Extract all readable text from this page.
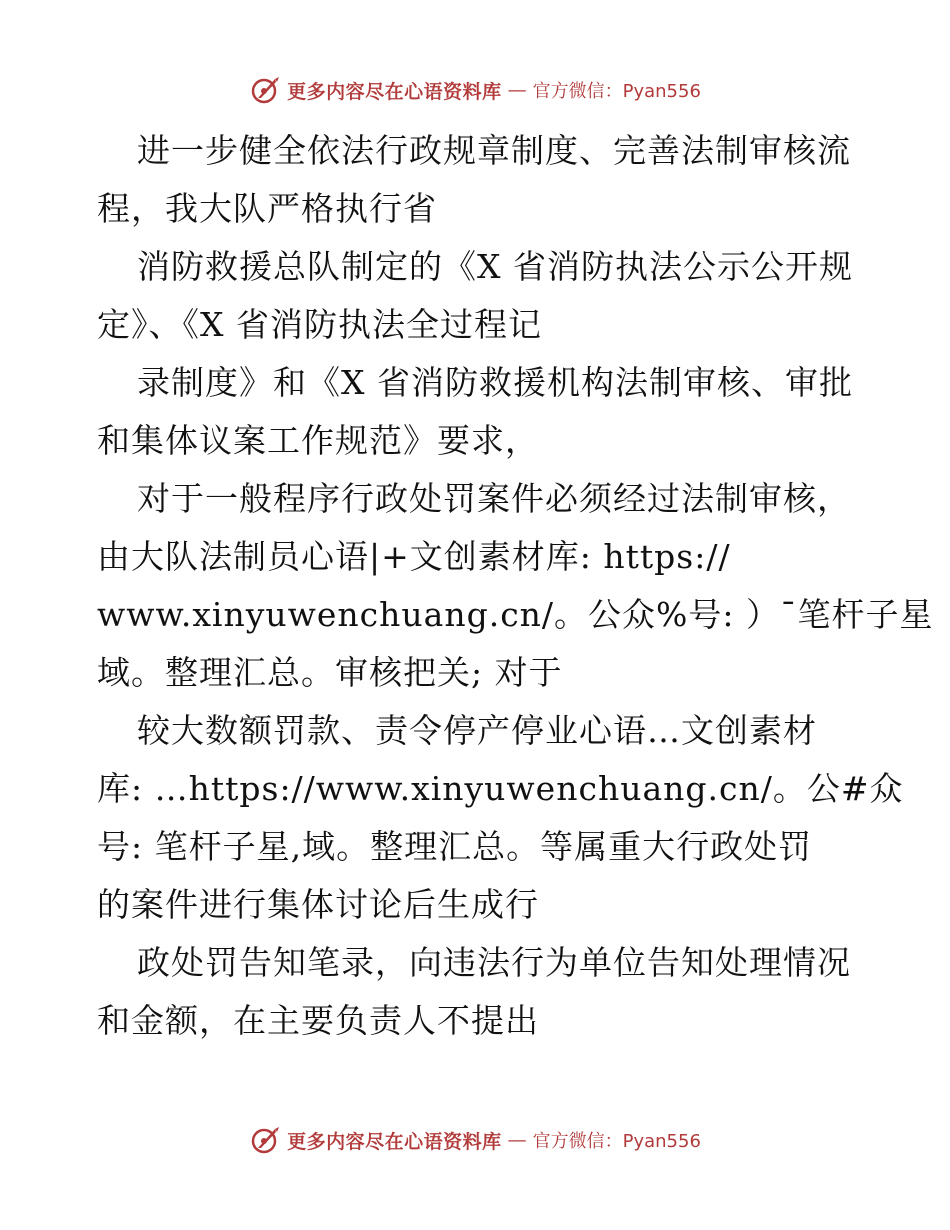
更多内容尽在心语资料库 — 官方微信：Pyan556
进一步健全依法行政规章制度、完善法制审核流
程，我大队严格执行省
消防救援总队制定的《X 省消防执法公示公开规
定》、《X 省消防执法全过程记
录制度》和《X 省消防救援机构法制审核、审批
和集体议案工作规范》要求，
对于一般程序行政处罚案件必须经过法制审核，
由大队法制员心语|+文创素材库: https://
www.xinyuwenchuang.cn/。公众%号: ）¯笔杆子星
域。整理汇总。审核把关; 对于
较大数额罚款、责令停产停业心语…文创素材
库: …https://www.xinyuwenchuang.cn/。公#众
号: 笔杆子星,域。整理汇总。等属重大行政处罚
的案件进行集体讨论后生成行
政处罚告知笔录，向违法行为单位告知处理情况
和金额，在主要负责人不提出
更多内容尽在心语资料库 — 官方微信：Pyan556
